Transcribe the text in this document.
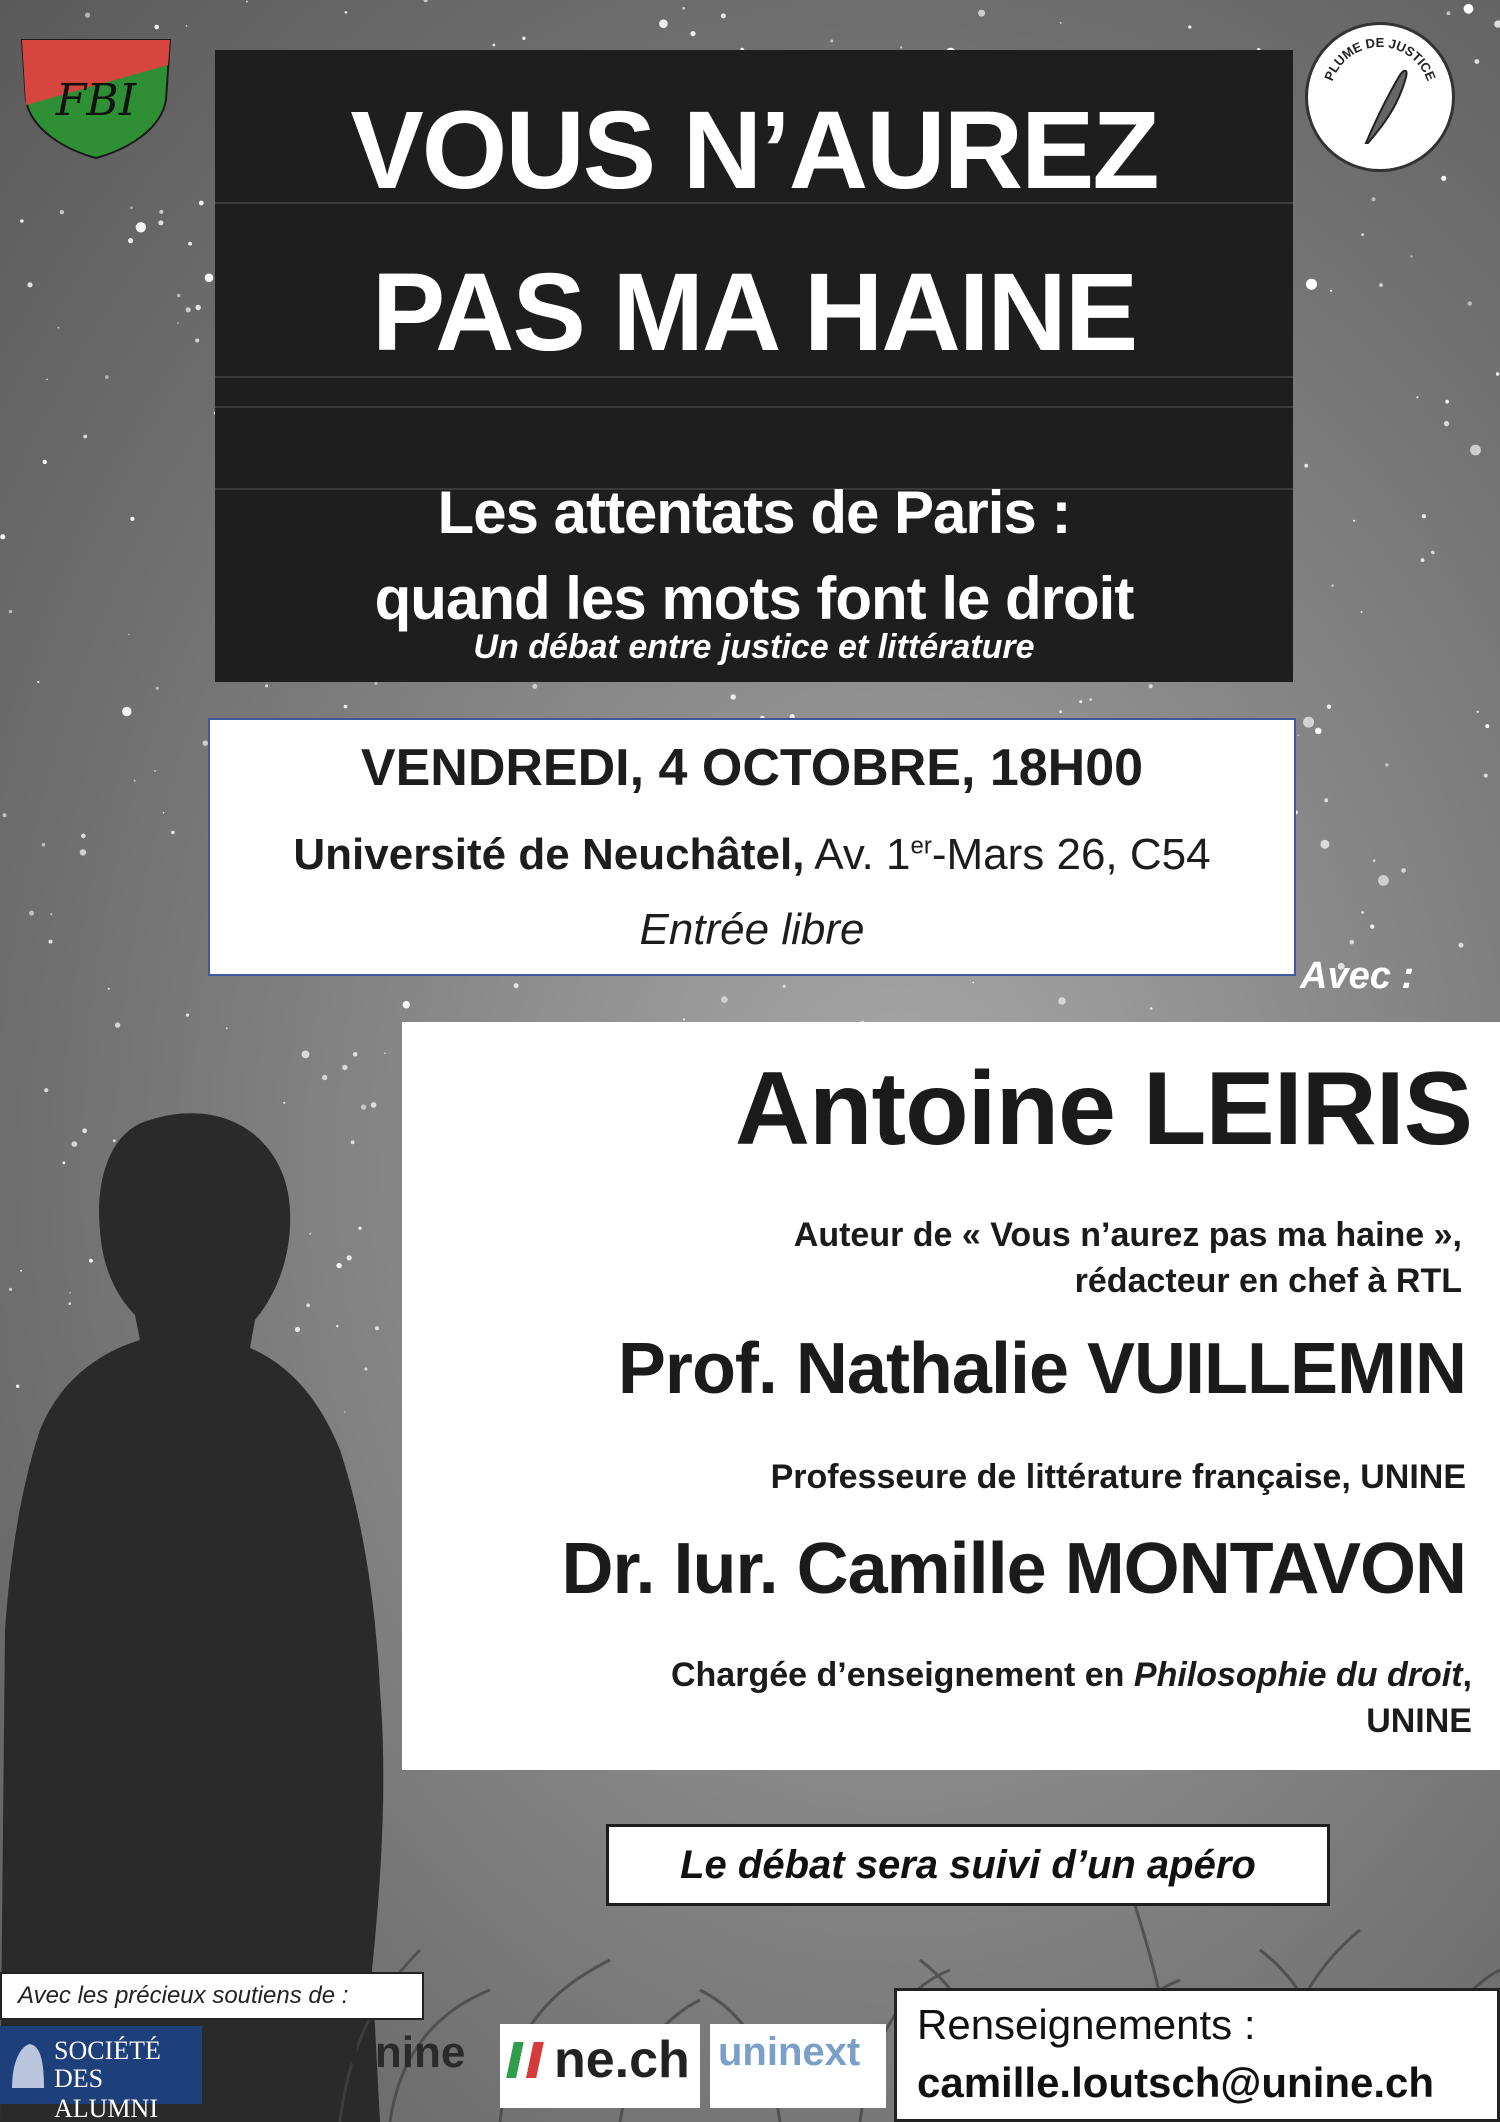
FBI	PLUME DE JUSTICE
VOUS N’AUREZ
PAS MA HAINE
Les attentats de Paris :
quand les mots font le droit
Un débat entre justice et littérature
VENDREDI, 4 OCTOBRE, 18H00
Université de Neuchâtel, Av. 1er-Mars 26, C54
Entrée libre
Avec :
Antoine LEIRIS
Auteur de « Vous n’aurez pas ma haine »,
rédacteur en chef à RTL
Prof. Nathalie VUILLEMIN
Professeure de littérature française, UNINE
Dr. Iur. Camille MONTAVON
Chargée d’enseignement en Philosophie du droit,
UNINE
Le débat sera suivi d’un apéro
Avec les précieux soutiens de :
SOCIÉTÉ
DES ALUMNI
unine unine ne.ch uninext
Renseignements :
camille.loutsch@unine.ch
